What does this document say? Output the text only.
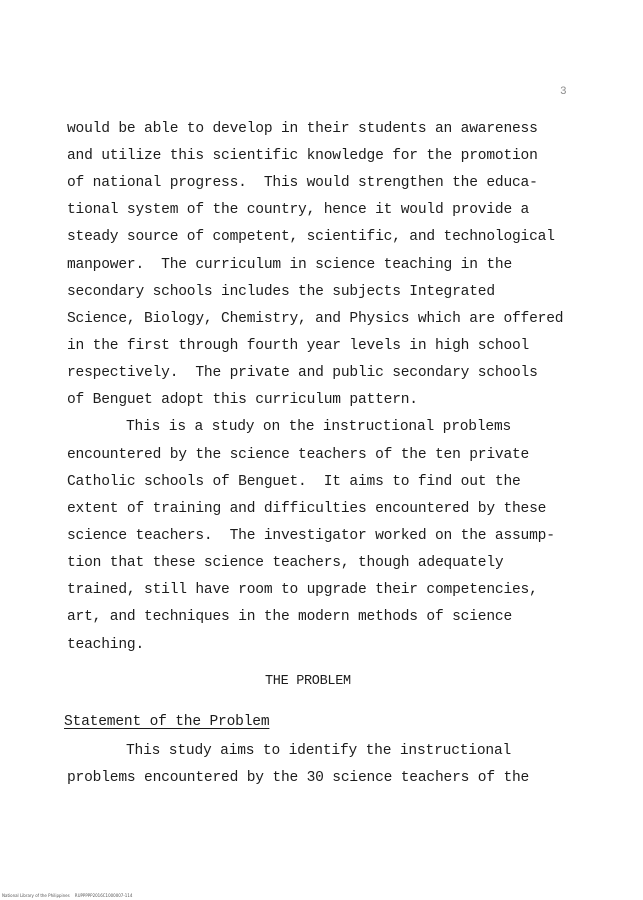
3
would be able to develop in their students an awareness
and utilize this scientific knowledge for the promotion
of national progress.  This would strengthen the educa-
tional system of the country, hence it would provide a
steady source of competent, scientific, and technological
manpower.  The curriculum in science teaching in the
secondary schools includes the subjects Integrated
Science, Biology, Chemistry, and Physics which are offered
in the first through fourth year levels in high school
respectively.  The private and public secondary schools
of Benguet adopt this curriculum pattern.
This is a study on the instructional problems
encountered by the science teachers of the ten private
Catholic schools of Benguet.  It aims to find out the
extent of training and difficulties encountered by these
science teachers.  The investigator worked on the assump-
tion that these science teachers, though adequately
trained, still have room to upgrade their competencies,
art, and techniques in the modern methods of science
teaching.
THE PROBLEM
Statement of the Problem
This study aims to identify the instructional
problems encountered by the 30 science teachers of the
National Library of the Philippines    RUPPPPP2016C1000007-114
